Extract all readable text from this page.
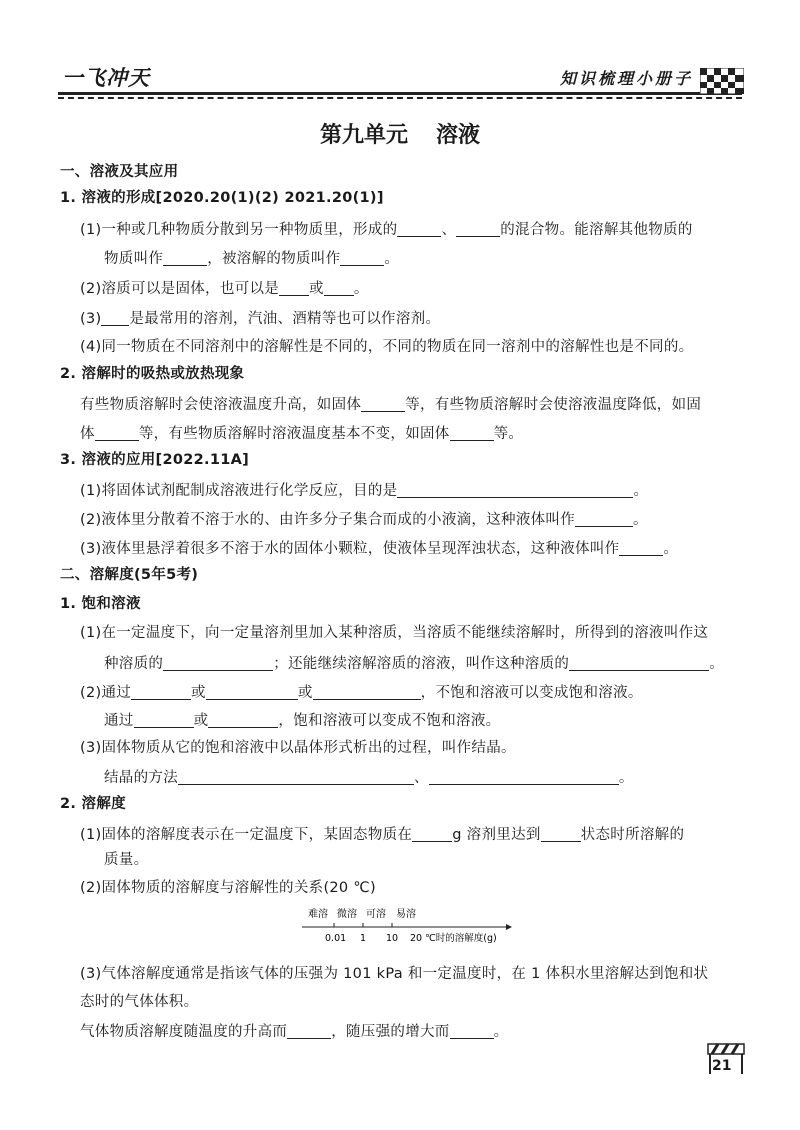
一飞冲天	知识梳理小册子
第九单元 溶液
一、溶液及其应用
1. 溶液的形成[2020.20(1)(2) 2021.20(1)]
(1)一种或几种物质分散到另一种物质里，形成的	、	的混合物。能溶解其他物质的
物质叫作	，被溶解的物质叫作	。
(2)溶质可以是固体，也可以是 或 。
(3) 是最常用的溶剂，汽油、酒精等也可以作溶剂。
(4)同一物质在不同溶剂中的溶解性是不同的，不同的物质在同一溶剂中的溶解性也是不同的。
2. 溶解时的吸热或放热现象
有些物质溶解时会使溶液温度升高，如固体	等，有些物质溶解时会使溶液温度降低，如固
体	等，有些物质溶解时溶液温度基本不变，如固体	等。
3. 溶液的应用[2022.11A]
(1)将固体试剂配制成溶液进行化学反应，目的是	。
(2)液体里分散着不溶于水的、由许多分子集合而成的小液滴，这种液体叫作	。
(3)液体里悬浮着很多不溶于水的固体小颗粒，使液体呈现浑浊状态，这种液体叫作	。
二、溶解度(5年5考)
1. 饱和溶液
(1)在一定温度下，向一定量溶剂里加入某种溶质，当溶质不能继续溶解时，所得到的溶液叫作这
种溶质的	；还能继续溶解溶质的溶液，叫作这种溶质的	。
(2)通过	或	或	，不饱和溶液可以变成饱和溶液。
通过	或	，饱和溶液可以变成不饱和溶液。
(3)固体物质从它的饱和溶液中以晶体形式析出的过程，叫作结晶。
结晶的方法	、	。
2. 溶解度
(1)固体的溶解度表示在一定温度下，某固态物质在	g 溶剂里达到	状态时所溶解的
质量。
(2)固体物质的溶解度与溶解性的关系(20 ℃)
难溶 微溶 可溶 易溶
0.01 1 10 20 ℃时的溶解度(g)
(3)气体溶解度通常是指该气体的压强为 101 kPa 和一定温度时，在 1 体积水里溶解达到饱和状
态时的气体体积。
气体物质溶解度随温度的升高而	，随压强的增大而	。
21
